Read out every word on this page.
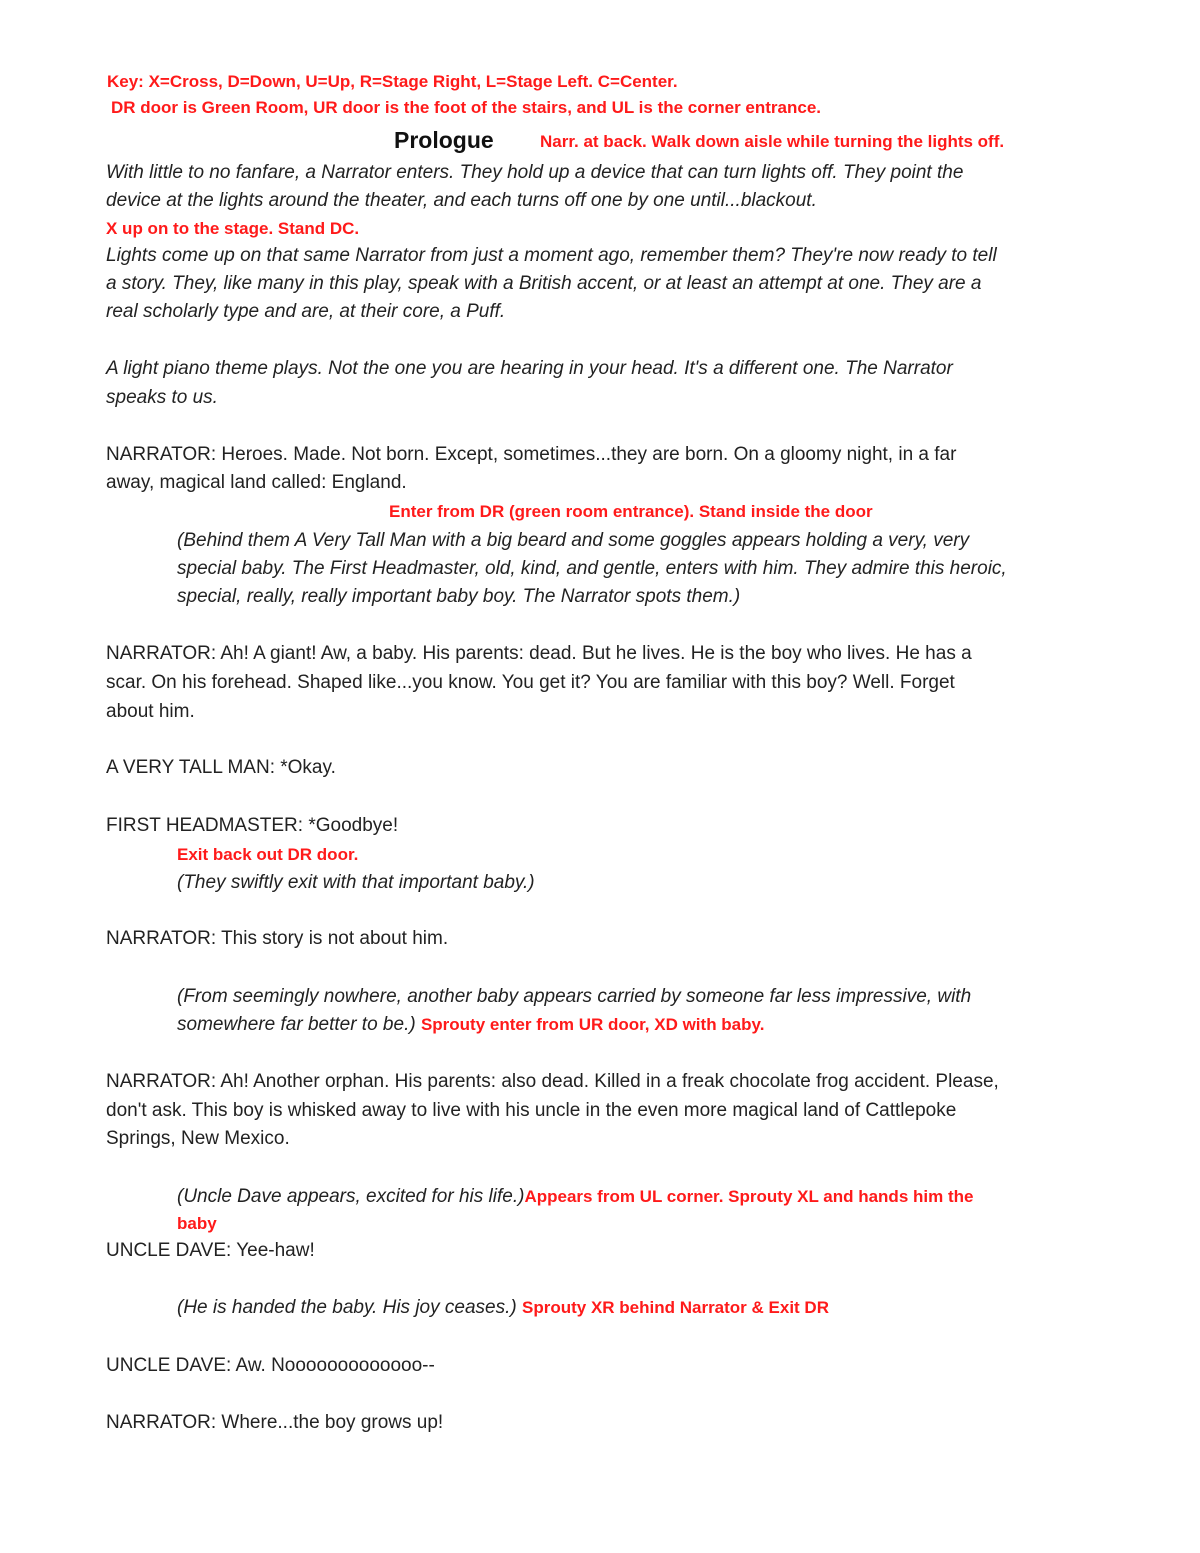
Key: X=Cross, D=Down, U=Up, R=Stage Right, L=Stage Left. C=Center.

DR door is Green Room, UR door is the foot of the stairs, and UL is the corner entrance.

Prologue	Narr. at back. Walk down aisle while turning the lights off.

With little to no fanfare, a Narrator enters. They hold up a device that can turn lights off. They point the

device at the lights around the theater, and each turns off one by one until...blackout.

X up on to the stage. Stand DC.

Lights come up on that same Narrator from just a moment ago, remember them? They're now ready to tell

a story. They, like many in this play, speak with a British accent, or at least an attempt at one. They are a

real scholarly type and are, at their core, a Puff.

A light piano theme plays. Not the one you are hearing in your head. It's a different one. The Narrator

speaks to us.

NARRATOR: Heroes. Made. Not born. Except, sometimes...they are born. On a gloomy night, in a far

away, magical land called: England.

Enter from DR (green room entrance). Stand inside the door

(Behind them A Very Tall Man with a big beard and some goggles appears holding a very, very

special baby. The First Headmaster, old, kind, and gentle, enters with him. They admire this heroic,

special, really, really important baby boy. The Narrator spots them.)

NARRATOR: Ah! A giant! Aw, a baby. His parents: dead. But he lives. He is the boy who lives. He has a

scar. On his forehead. Shaped like...you know. You get it? You are familiar with this boy? Well. Forget

about him.

A VERY TALL MAN: *Okay.

FIRST HEADMASTER: *Goodbye!

Exit back out DR door.

(They swiftly exit with that important baby.)

NARRATOR: This story is not about him.

(From seemingly nowhere, another baby appears carried by someone far less impressive, with

somewhere far better to be.) Sprouty enter from UR door, XD with baby.

NARRATOR: Ah! Another orphan. His parents: also dead. Killed in a freak chocolate frog accident. Please,

don't ask. This boy is whisked away to live with his uncle in the even more magical land of Cattlepoke

Springs, New Mexico.

(Uncle Dave appears, excited for his life.)Appears from UL corner. Sprouty XL and hands him the

baby

UNCLE DAVE: Yee-haw!

(He is handed the baby. His joy ceases.) Sprouty XR behind Narrator & Exit DR

UNCLE DAVE: Aw. Nooooooooooooo--

NARRATOR: Where...the boy grows up!
